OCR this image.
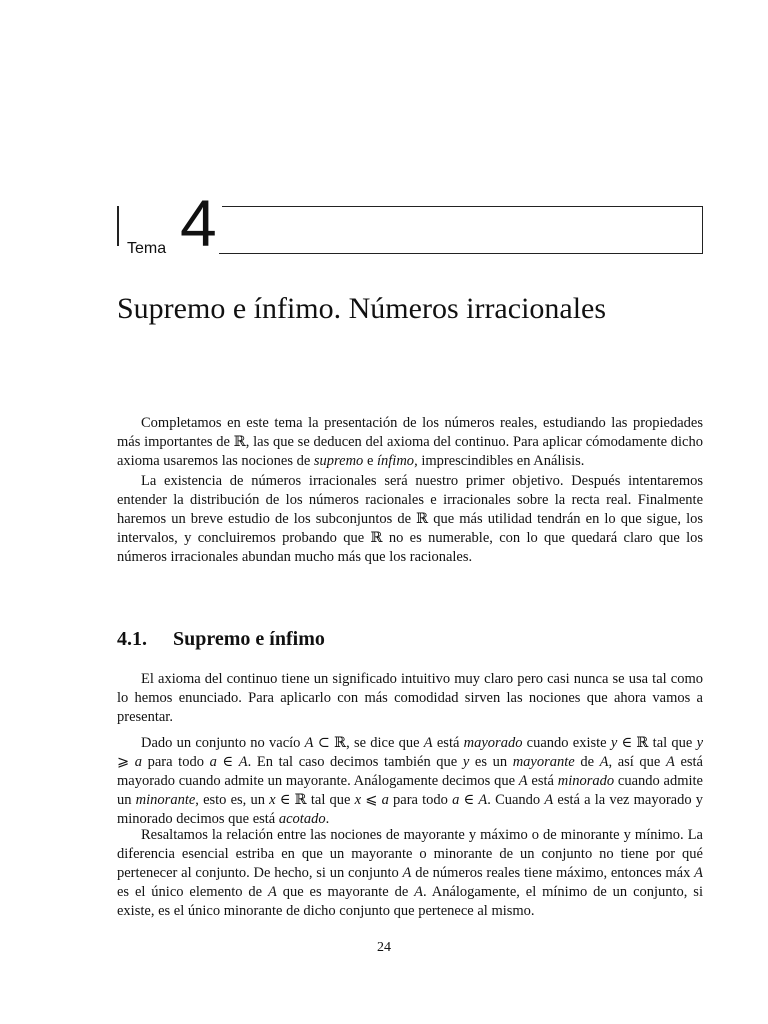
Tema 4
Supremo e ínfimo. Números irracionales

Completamos en este tema la presentación de los números reales, estudiando las propiedades más importantes de ℝ, las que se deducen del axioma del continuo. Para aplicar cómodamente dicho axioma usaremos las nociones de supremo e ínfimo, imprescindibles en Análisis.

La existencia de números irracionales será nuestro primer objetivo. Después intentaremos entender la distribución de los números racionales e irracionales sobre la recta real. Finalmente haremos un breve estudio de los subconjuntos de ℝ que más utilidad tendrán en lo que sigue, los intervalos, y concluiremos probando que ℝ no es numerable, con lo que quedará claro que los números irracionales abundan mucho más que los racionales.

4.1. Supremo e ínfimo

El axioma del continuo tiene un significado intuitivo muy claro pero casi nunca se usa tal como lo hemos enunciado. Para aplicarlo con más comodidad sirven las nociones que ahora vamos a presentar.

Dado un conjunto no vacío A ⊂ ℝ, se dice que A está mayorado cuando existe y ∈ ℝ tal que y ⩾ a para todo a ∈ A. En tal caso decimos también que y es un mayorante de A, así que A está mayorado cuando admite un mayorante. Análogamente decimos que A está minorado cuando admite un minorante, esto es, un x ∈ ℝ tal que x ⩽ a para todo a ∈ A. Cuando A está a la vez mayorado y minorado decimos que está acotado.

Resaltamos la relación entre las nociones de mayorante y máximo o de minorante y mínimo. La diferencia esencial estriba en que un mayorante o minorante de un conjunto no tiene por qué pertenecer al conjunto. De hecho, si un conjunto A de números reales tiene máximo, entonces máx A es el único elemento de A que es mayorante de A. Análogamente, el mínimo de un conjunto, si existe, es el único minorante de dicho conjunto que pertenece al mismo.

24
